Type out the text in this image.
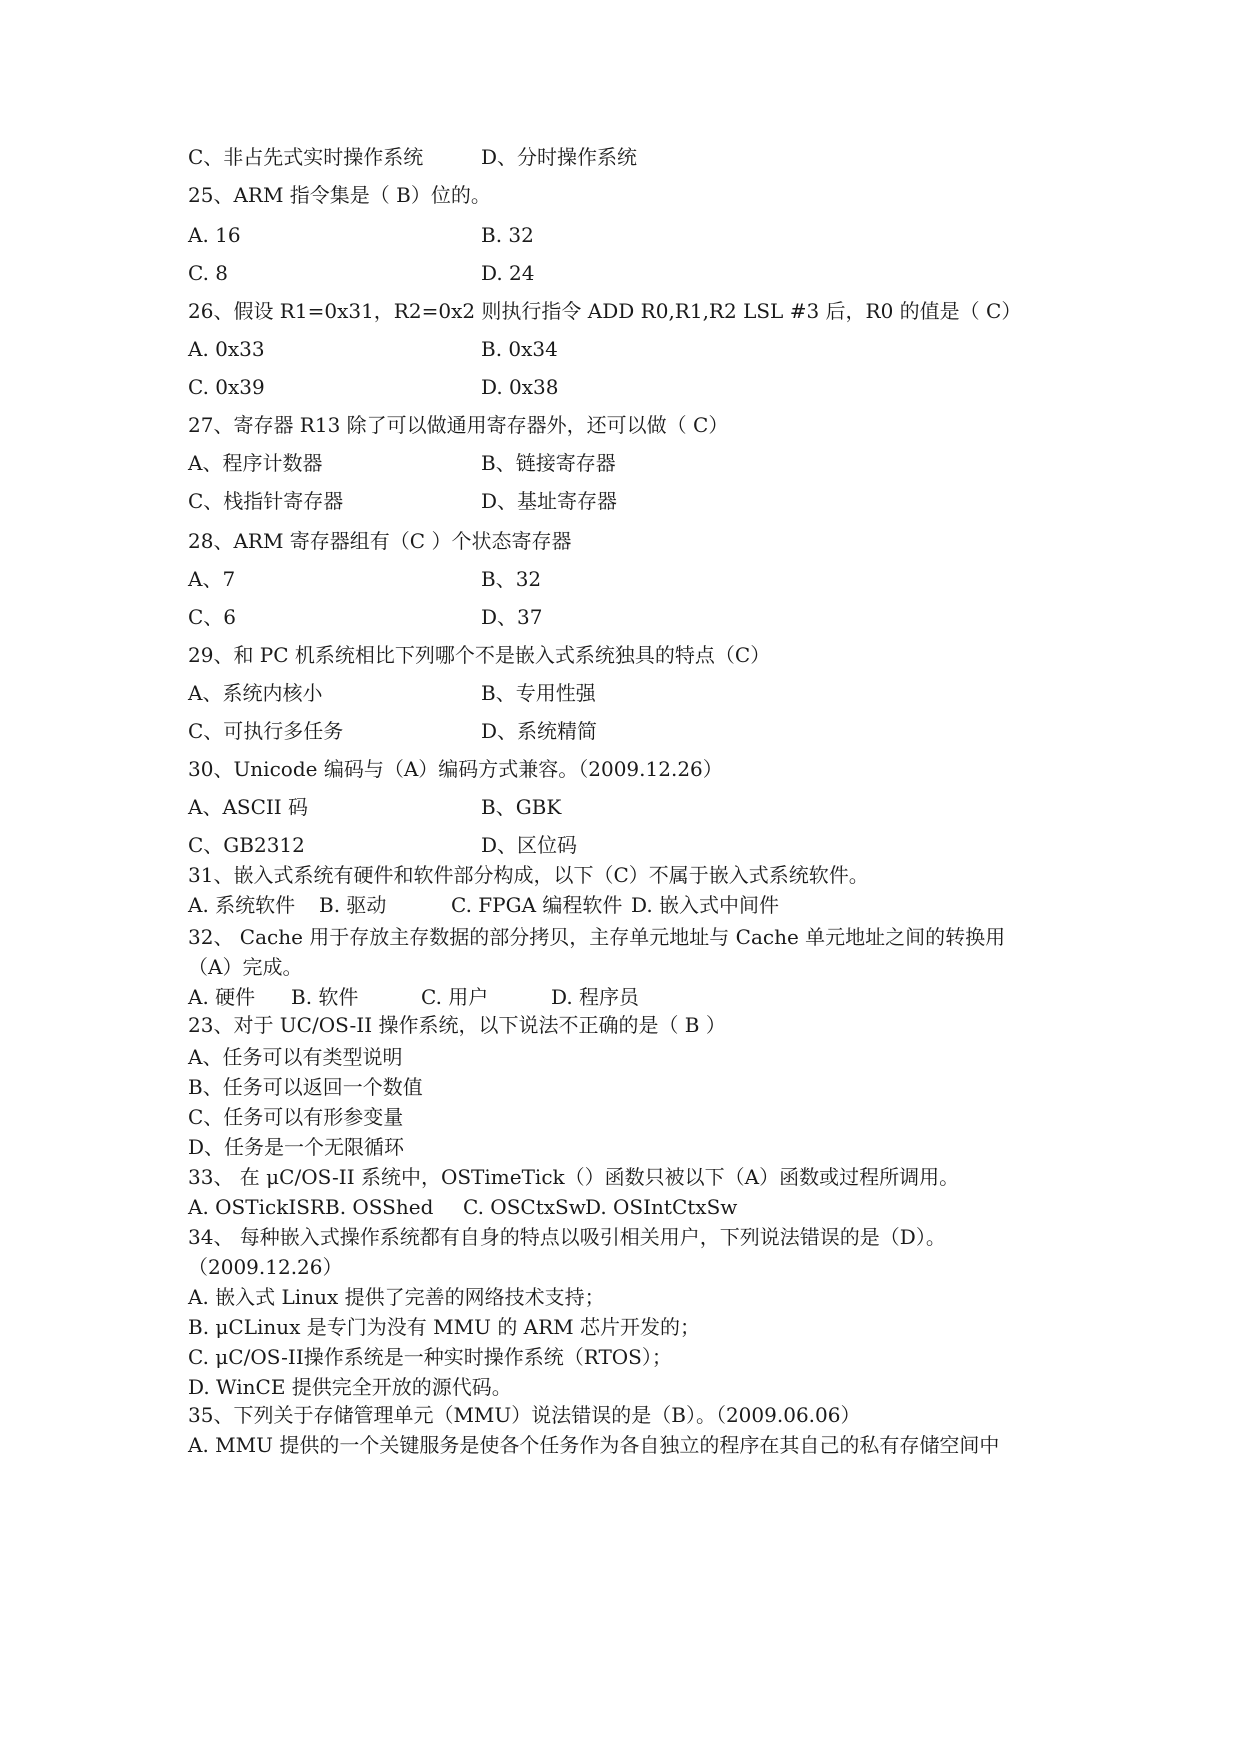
C、非占先式实时操作系统	D、分时操作系统
25、ARM 指令集是（ B）位的。
A. 16	B. 32
C. 8	D. 24
26、假设 R1=0x31，R2=0x2 则执行指令 ADD R0,R1,R2 LSL #3 后，R0 的值是（ C）
A. 0x33	B. 0x34
C. 0x39	D. 0x38
27、寄存器 R13 除了可以做通用寄存器外，还可以做（ C）
A、程序计数器	B、链接寄存器
C、栈指针寄存器	D、基址寄存器
28、ARM 寄存器组有（C ）个状态寄存器
A、7	B、32
C、6	D、37
29、和 PC 机系统相比下列哪个不是嵌入式系统独具的特点（C）
A、系统内核小	B、专用性强
C、可执行多任务	D、系统精简
30、Unicode 编码与（A）编码方式兼容。（2009.12.26）
A、ASCII 码	B、GBK
C、GB2312	D、区位码
31、嵌入式系统有硬件和软件部分构成，以下（C）不属于嵌入式系统软件。
A. 系统软件 B. 驱动	C. FPGA 编程软件 D. 嵌入式中间件
32、 Cache 用于存放主存数据的部分拷贝，主存单元地址与 Cache 单元地址之间的转换用
（A）完成。
A. 硬件 B. 软件	C. 用户	D. 程序员
23、对于 UC/OS-II 操作系统，以下说法不正确的是（ B ）
A、任务可以有类型说明
B、任务可以返回一个数值
C、任务可以有形参变量
D、任务是一个无限循环
33、 在 μC/OS-II 系统中，OSTimeTick（）函数只被以下（A）函数或过程所调用。
A. OSTickISR B. OSShed C. OSCtxSw D. OSIntCtxSw
34、 每种嵌入式操作系统都有自身的特点以吸引相关用户，下列说法错误的是（D）。
（2009.12.26）
A. 嵌入式 Linux 提供了完善的网络技术支持；
B. μCLinux 是专门为没有 MMU 的 ARM 芯片开发的；
C. μC/OS-II操作系统是一种实时操作系统（RTOS）；
D. WinCE 提供完全开放的源代码。
35、下列关于存储管理单元（MMU）说法错误的是（B）。（2009.06.06）
A. MMU 提供的一个关键服务是使各个任务作为各自独立的程序在其自己的私有存储空间中
